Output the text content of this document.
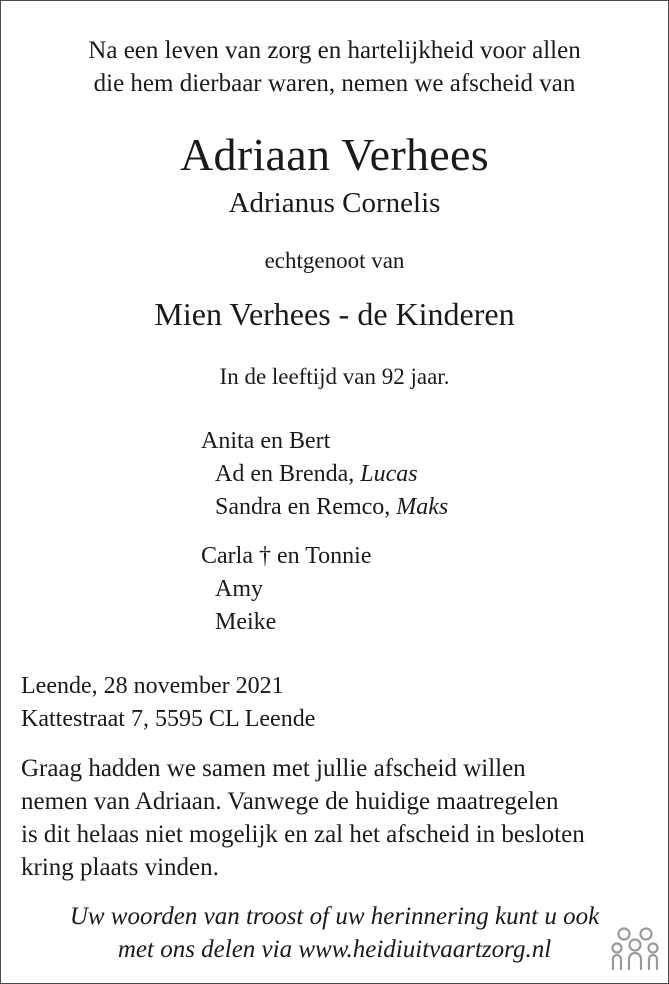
Na een leven van zorg en hartelijkheid voor allen
die hem dierbaar waren, nemen we afscheid van
Adriaan Verhees
Adrianus Cornelis
echtgenoot van
Mien Verhees - de Kinderen
In de leeftijd van 92 jaar.
Anita en Bert
Ad en Brenda, Lucas
Sandra en Remco, Maks
Carla † en Tonnie
Amy
Meike
Leende, 28 november 2021
Kattestraat 7, 5595 CL Leende
Graag hadden we samen met jullie afscheid willen
nemen van Adriaan. Vanwege de huidige maatregelen
is dit helaas niet mogelijk en zal het afscheid in besloten
kring plaats vinden.
Uw woorden van troost of uw herinnering kunt u ook
met ons delen via www.heidiuitvaartzorg.nl
